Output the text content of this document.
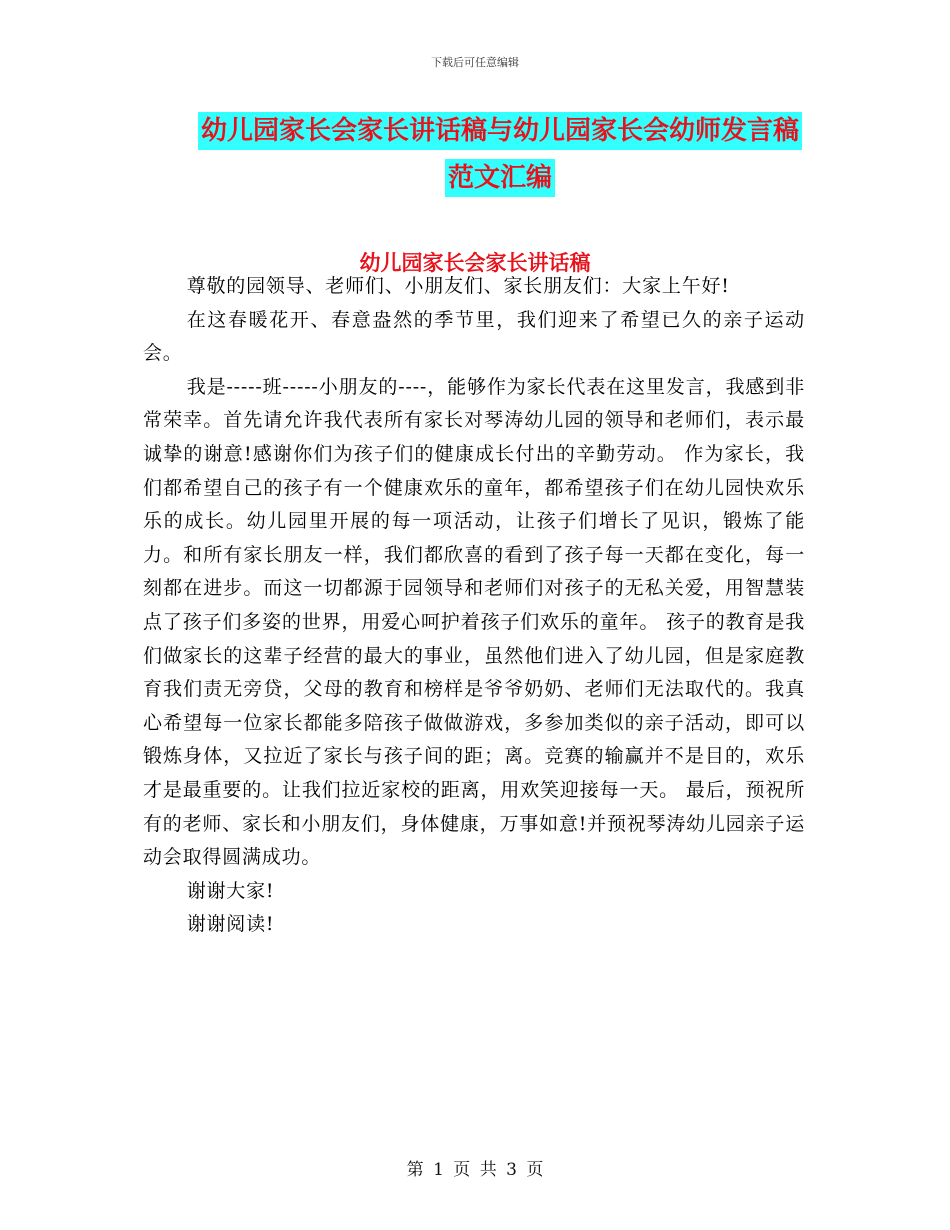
下载后可任意编辑
幼儿园家长会家长讲话稿与幼儿园家长会幼师发言稿
范文汇编
幼儿园家长会家长讲话稿

尊敬的园领导、老师们、小朋友们、家长朋友们：大家上午好!

在这春暖花开、春意盎然的季节里，我们迎来了希望已久的亲子运动会。

我是-----班-----小朋友的----，能够作为家长代表在这里发言，我感到非常荣幸。首先请允许我代表所有家长对琴涛幼儿园的领导和老师们，表示最诚挚的谢意!感谢你们为孩子们的健康成长付出的辛勤劳动。 作为家长，我们都希望自己的孩子有一个健康欢乐的童年，都希望孩子们在幼儿园快欢乐乐的成长。幼儿园里开展的每一项活动，让孩子们增长了见识，锻炼了能力。和所有家长朋友一样，我们都欣喜的看到了孩子每一天都在变化，每一刻都在进步。而这一切都源于园领导和老师们对孩子的无私关爱，用智慧装点了孩子们多姿的世界，用爱心呵护着孩子们欢乐的童年。 孩子的教育是我们做家长的这辈子经营的最大的事业，虽然他们进入了幼儿园，但是家庭教育我们责无旁贷，父母的教育和榜样是爷爷奶奶、老师们无法取代的。我真心希望每一位家长都能多陪孩子做做游戏，多参加类似的亲子活动，即可以锻炼身体，又拉近了家长与孩子间的距；离。竞赛的输赢并不是目的，欢乐才是最重要的。让我们拉近家校的距离，用欢笑迎接每一天。 最后，预祝所有的老师、家长和小朋友们，身体健康，万事如意!并预祝琴涛幼儿园亲子运动会取得圆满成功。

谢谢大家!

谢谢阅读!

第 1 页 共 3 页
